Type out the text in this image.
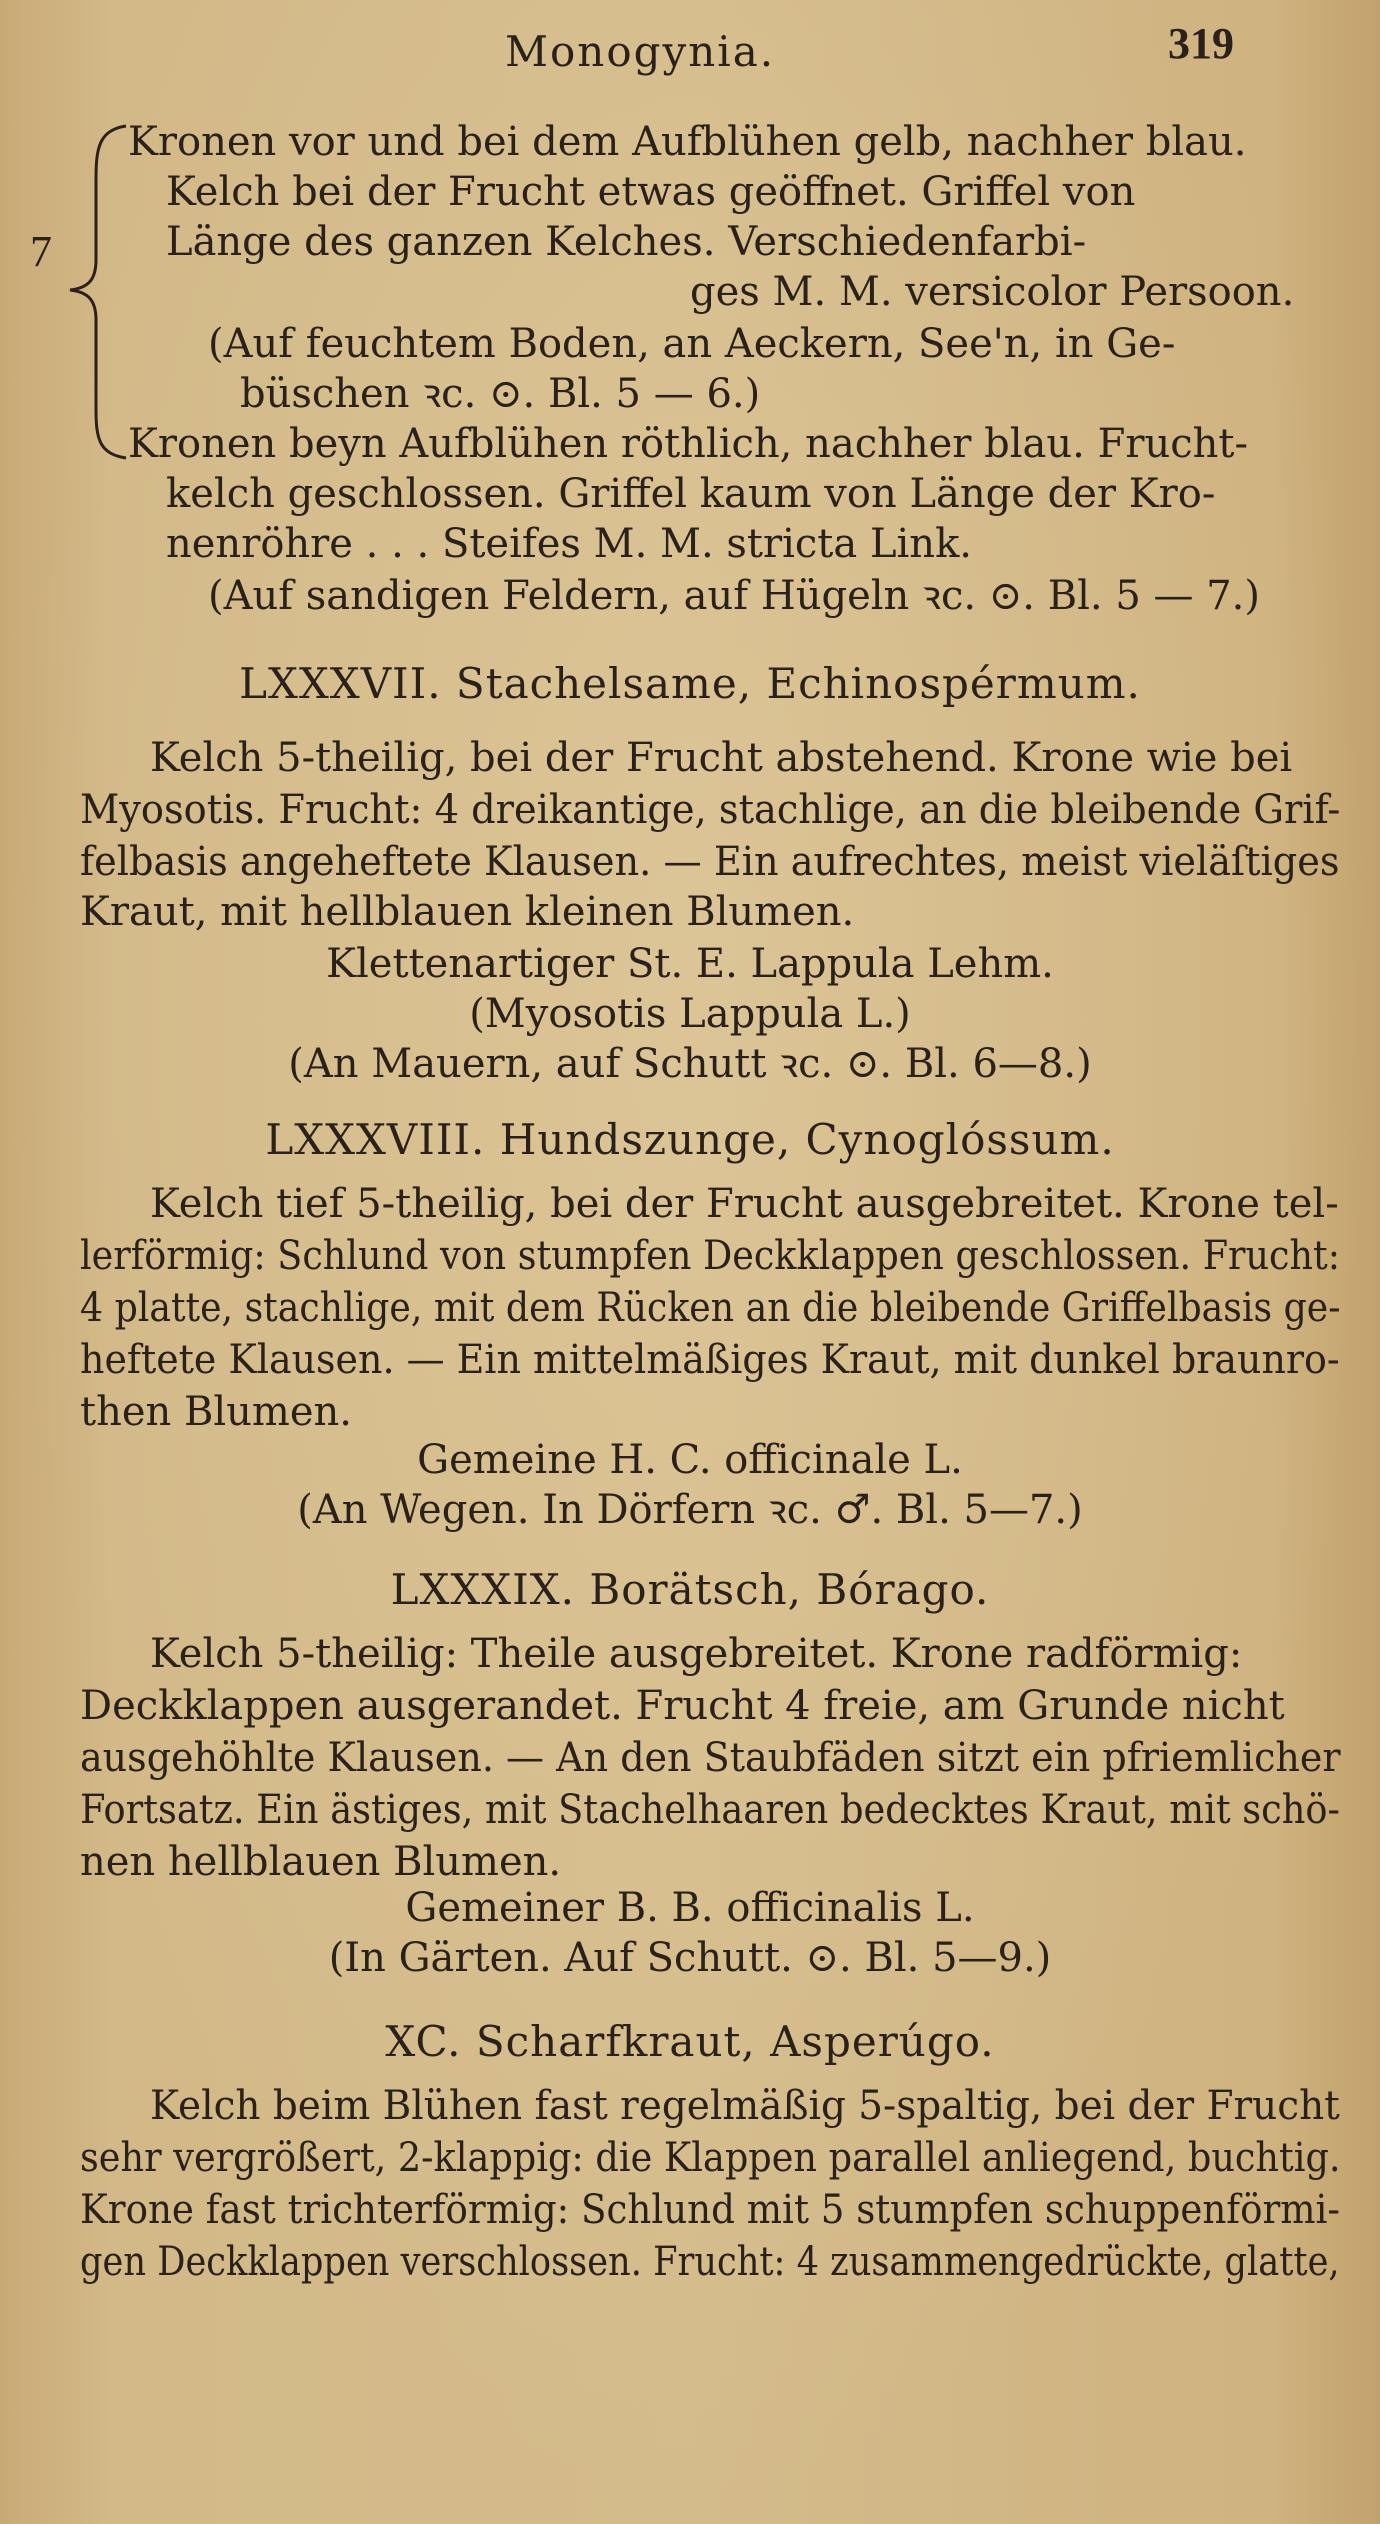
Monogynia.	319
7
Kronen vor und bei dem Aufblühen gelb, nachher blau.
Kelch bei der Frucht etwas geöffnet. Griffel von
Länge des ganzen Kelches. Verschiedenfarbi-
ges M. M. versicolor Persoon.
(Auf feuchtem Boden, an Aeckern, See'n, in Ge-
büschen ꝛc. ⊙. Bl. 5 — 6.)
Kronen beyn Aufblühen röthlich, nachher blau. Frucht-
kelch geschlossen. Griffel kaum von Länge der Kro-
nenröhre . . . Steifes M. M. stricta Link.
(Auf sandigen Feldern, auf Hügeln ꝛc. ⊙. Bl. 5 — 7.)
LXXXVII. Stachelsame, Echinospérmum.
Kelch 5-theilig, bei der Frucht abstehend. Krone wie bei
Myosotis. Frucht: 4 dreikantige, stachlige, an die bleibende Grif-
felbasis angeheftete Klausen. — Ein aufrechtes, meist vieläſtiges
Kraut, mit hellblauen kleinen Blumen.
Klettenartiger St. E. Lappula Lehm.
(Myosotis Lappula L.)
(An Mauern, auf Schutt ꝛc. ⊙. Bl. 6—8.)
LXXXVIII. Hundszunge, Cynoglóssum.
Kelch tief 5-theilig, bei der Frucht ausgebreitet. Krone tel-
lerförmig: Schlund von stumpfen Deckklappen geschlossen. Frucht:
4 platte, stachlige, mit dem Rücken an die bleibende Griffelbasis ge-
heftete Klausen. — Ein mittelmäßiges Kraut, mit dunkel braunro-
then Blumen.
Gemeine H. C. officinale L.
(An Wegen. In Dörfern ꝛc. ♂. Bl. 5—7.)
LXXXIX. Borätsch, Bórago.
Kelch 5-theilig: Theile ausgebreitet. Krone radförmig:
Deckklappen ausgerandet. Frucht 4 freie, am Grunde nicht
ausgehöhlte Klausen. — An den Staubfäden sitzt ein pfriemlicher
Fortsatz. Ein ästiges, mit Stachelhaaren bedecktes Kraut, mit schö-
nen hellblauen Blumen.
Gemeiner B. B. officinalis L.
(In Gärten. Auf Schutt. ⊙. Bl. 5—9.)
XC. Scharfkraut, Asperúgo.
Kelch beim Blühen fast regelmäßig 5-spaltig, bei der Frucht
sehr vergrößert, 2-klappig: die Klappen parallel anliegend, buchtig.
Krone fast trichterförmig: Schlund mit 5 stumpfen schuppenförmi-
gen Deckklappen verschlossen. Frucht: 4 zusammengedrückte, glatte,
